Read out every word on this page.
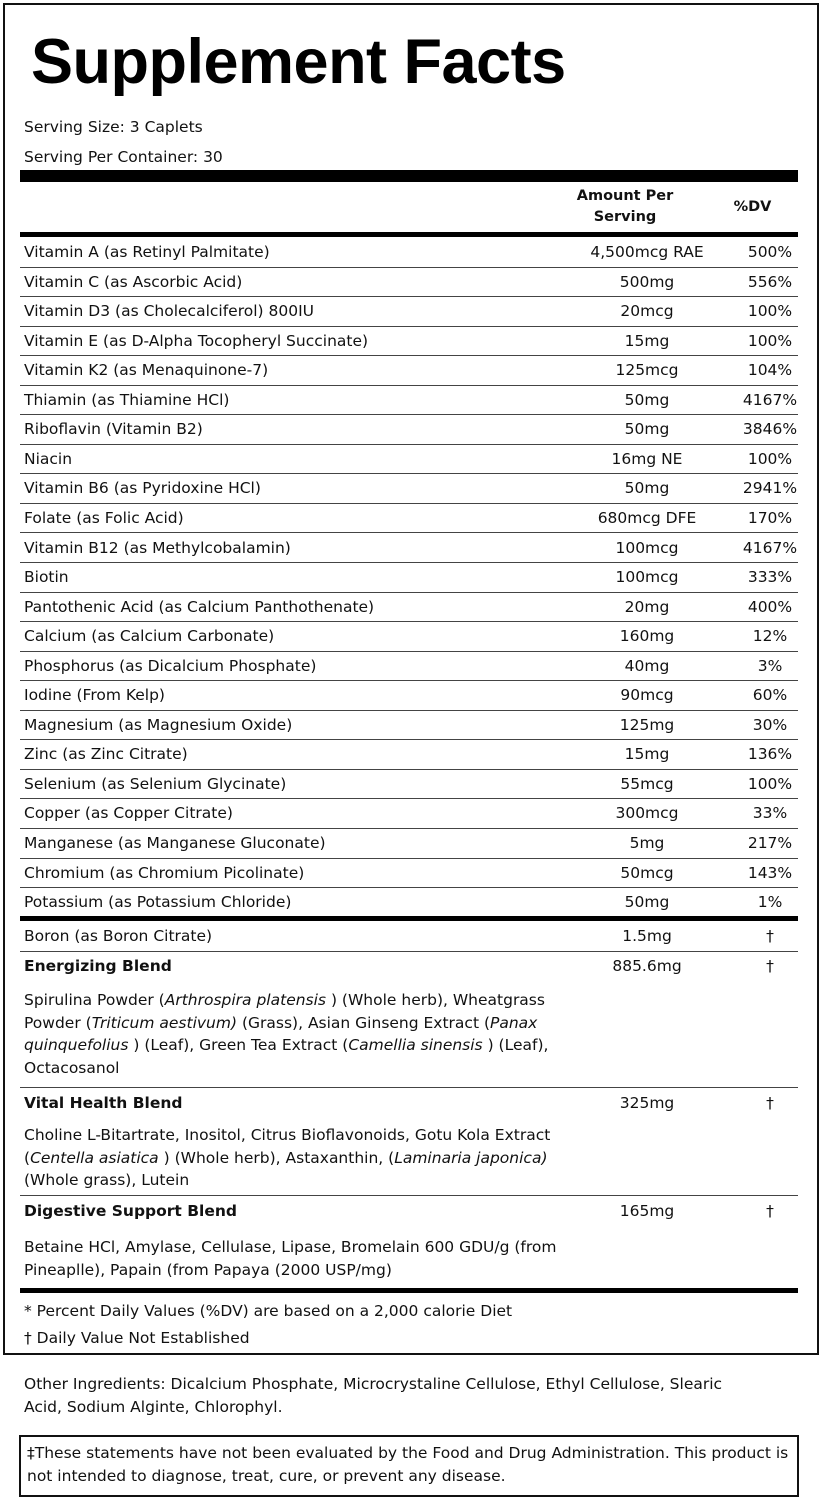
Supplement Facts
Serving Size: 3 Caplets
Serving Per Container: 30
Amount Per Serving
%DV
Vitamin A (as Retinyl Palmitate)	4,500mcg RAE	500%
Vitamin C (as Ascorbic Acid)	500mg	556%
Vitamin D3 (as Cholecalciferol) 800IU	20mcg	100%
Vitamin E (as D-Alpha Tocopheryl Succinate)	15mg	100%
Vitamin K2 (as Menaquinone-7)	125mcg	104%
Thiamin (as Thiamine HCl)	50mg	4167%
Riboflavin (Vitamin B2)	50mg	3846%
Niacin	16mg NE	100%
Vitamin B6 (as Pyridoxine HCl)	50mg	2941%
Folate (as Folic Acid)	680mcg DFE	170%
Vitamin B12 (as Methylcobalamin)	100mcg	4167%
Biotin	100mcg	333%
Pantothenic Acid (as Calcium Panthothenate)	20mg	400%
Calcium (as Calcium Carbonate)	160mg	12%
Phosphorus (as Dicalcium Phosphate)	40mg	3%
Iodine (From Kelp)	90mcg	60%
Magnesium (as Magnesium Oxide)	125mg	30%
Zinc (as Zinc Citrate)	15mg	136%
Selenium (as Selenium Glycinate)	55mcg	100%
Copper (as Copper Citrate)	300mcg	33%
Manganese (as Manganese Gluconate)	5mg	217%
Chromium (as Chromium Picolinate)	50mcg	143%
Potassium (as Potassium Chloride)	50mg	1%
Boron (as Boron Citrate)	1.5mg	†
Energizing Blend	885.6mg	†
Spirulina Powder (Arthrospira platensis ) (Whole herb), Wheatgrass Powder (Triticum aestivum) (Grass), Asian Ginseng Extract (Panax quinquefolius ) (Leaf), Green Tea Extract (Camellia sinensis ) (Leaf), Octacosanol
Vital Health Blend	325mg	†
Choline L-Bitartrate, Inositol, Citrus Bioflavonoids, Gotu Kola Extract (Centella asiatica ) (Whole herb), Astaxanthin, (Laminaria japonica) (Whole grass), Lutein
Digestive Support Blend	165mg	†
Betaine HCl, Amylase, Cellulase, Lipase, Bromelain 600 GDU/g (from Pineaplle), Papain (from Papaya (2000 USP/mg)
* Percent Daily Values (%DV) are based on a 2,000 calorie Diet
† Daily Value Not Established
Other Ingredients: Dicalcium Phosphate, Microcrystaline Cellulose, Ethyl Cellulose, Slearic Acid, Sodium Alginte, Chlorophyl.
‡These statements have not been evaluated by the Food and Drug Administration. This product is not intended to diagnose, treat, cure, or prevent any disease.
